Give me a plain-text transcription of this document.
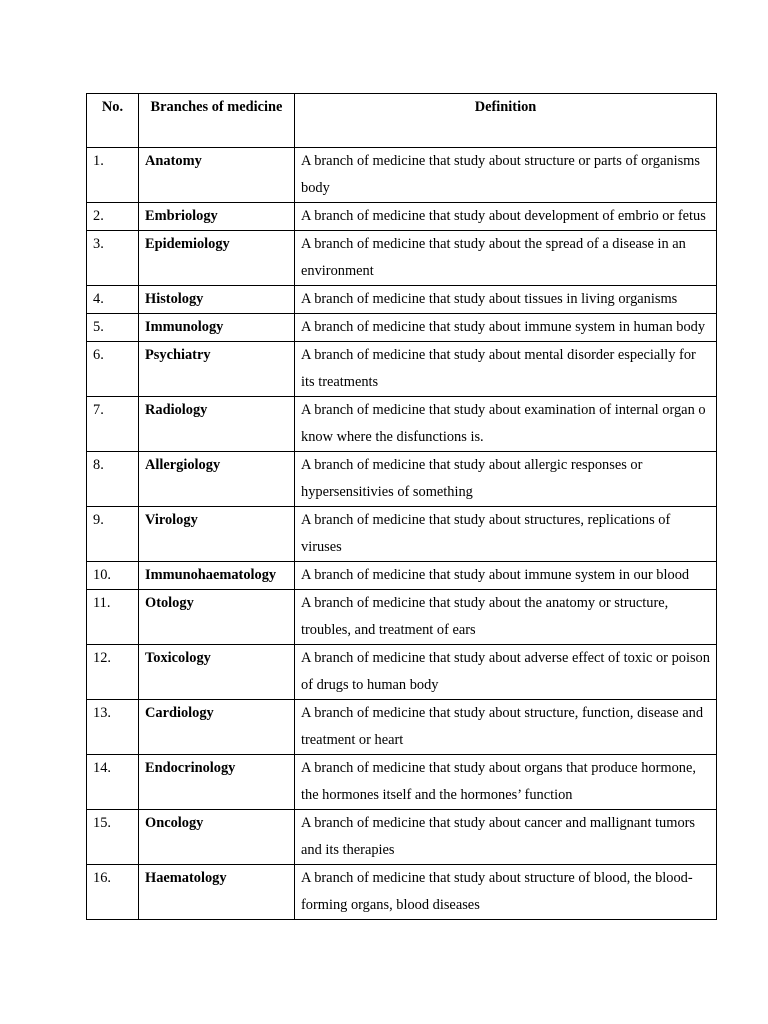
No.	Branches of medicine	Definition
1.	Anatomy	A branch of medicine that study about structure or parts of organisms body
2.	Embriology	A branch of medicine that study about development of embrio or fetus
3.	Epidemiology	A branch of medicine that study about the spread of a disease in an environment
4.	Histology	A branch of medicine that study about tissues in living organisms
5.	Immunology	A branch of medicine that study about immune system in human body
6.	Psychiatry	A branch of medicine that study about mental disorder especially for its treatments
7.	Radiology	A branch of medicine that study about examination of internal organ o know where the disfunctions is.
8.	Allergiology	A branch of medicine that study about allergic responses or hypersensitivies of something
9.	Virology	A branch of medicine that study about structures, replications of viruses
10.	Immunohaematology	A branch of medicine that study about immune system in our blood
11.	Otology	A branch of medicine that study about the anatomy or structure, troubles, and treatment of ears
12.	Toxicology	A branch of medicine that study about adverse effect of toxic or poison of drugs to human body
13.	Cardiology	A branch of medicine that study about structure, function, disease and treatment or heart
14.	Endocrinology	A branch of medicine that study about organs that produce hormone, the hormones itself and the hormones’ function
15.	Oncology	A branch of medicine that study about cancer and mallignant tumors and its therapies
16.	Haematology	A branch of medicine that study about structure of blood, the blood-forming organs, blood diseases
